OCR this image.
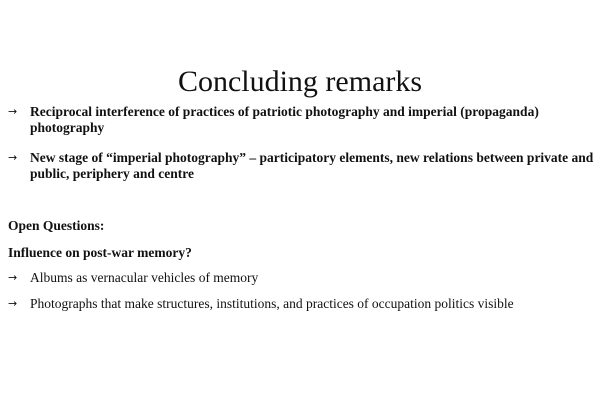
Concluding remarks
→ Reciprocal interference of practices of patriotic photography and imperial (propaganda) photography
→ New stage of “imperial photography” – participatory elements, new relations between private and public, periphery and centre
Open Questions:
Influence on post-war memory?
→ Albums as vernacular vehicles of memory
→ Photographs that make structures, institutions, and practices of occupation politics visible
